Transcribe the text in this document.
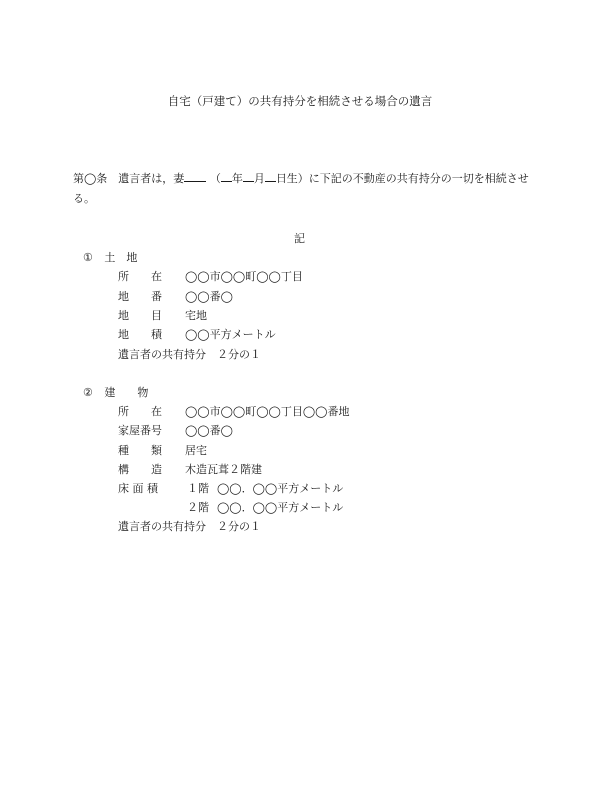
自宅（戸建て）の共有持分を相続させる場合の遺言
第◯条　遺言者は，妻 （ 年 月 日生）に下記の不動産の共有持分の一切を相続させ
る。
記
① 土　地
所　　在 ◯◯市◯◯町◯◯丁目
地　　番 ◯◯番◯
地　　目 宅地
地　　積 ◯◯平方メートル
遺言者の共有持分　２分の１
② 建　　物
所　　在 ◯◯市◯◯町◯◯丁目◯◯番地
家屋番号 ◯◯番◯
種　　類 居宅
構　　造 木造瓦葺２階建
床 面 積	１階 ◯◯．◯◯平方メートル
２階 ◯◯．◯◯平方メートル
遺言者の共有持分　２分の１
